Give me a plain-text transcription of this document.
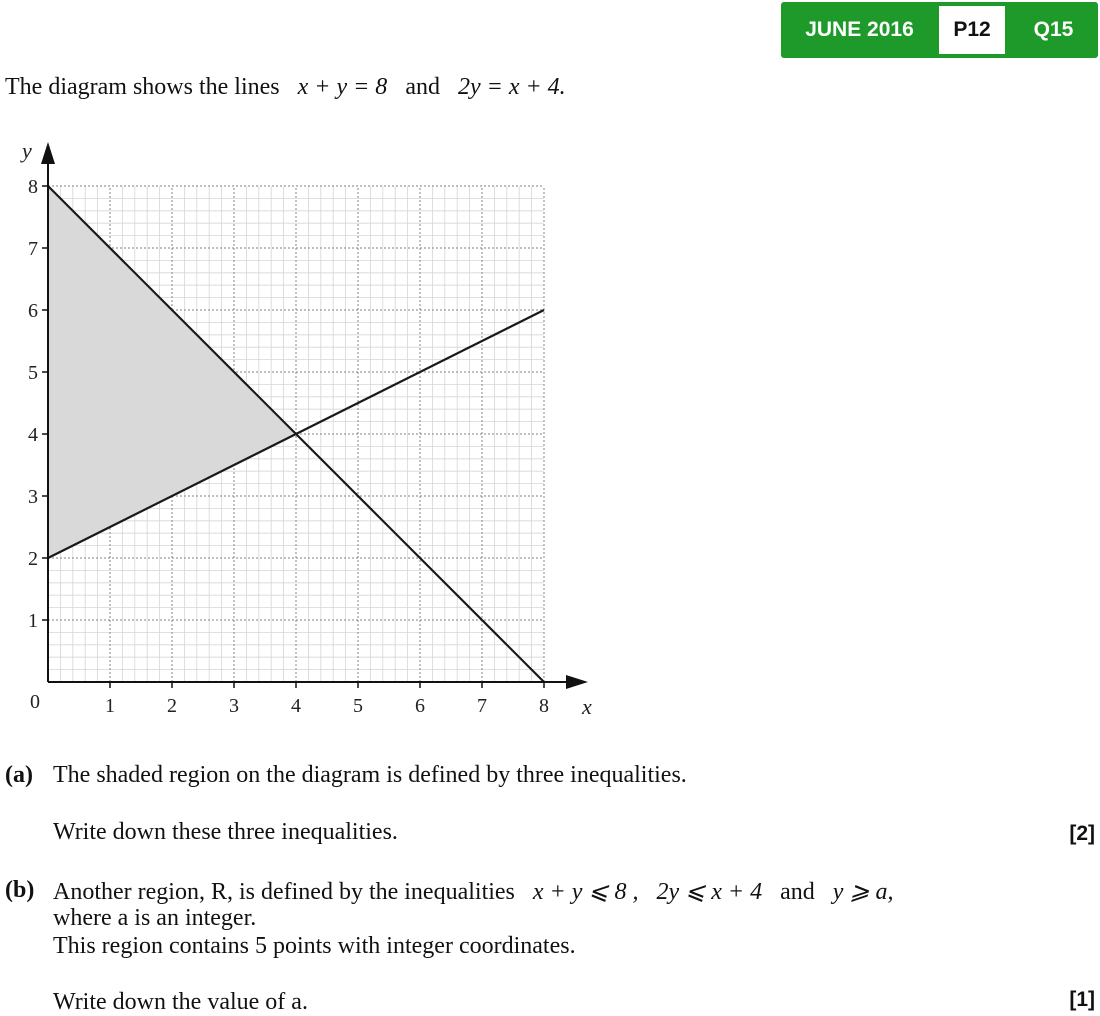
JUNE 2016	P12	Q15
The diagram shows the lines x + y = 8 and 2y = x + 4.
1	2	3	4	5	6	7	8
1
2
3
4
5
6
7
8
x
y
0
(a) The shaded region on the diagram is defined by three inequalities.
Write down these three inequalities.	[2]
(b) Another region, R, is defined by the inequalities x + y ⩽ 8 , 2y ⩽ x + 4 and y ⩾ a,
where a is an integer.
This region contains 5 points with integer coordinates.
Write down the value of a.	[1]
